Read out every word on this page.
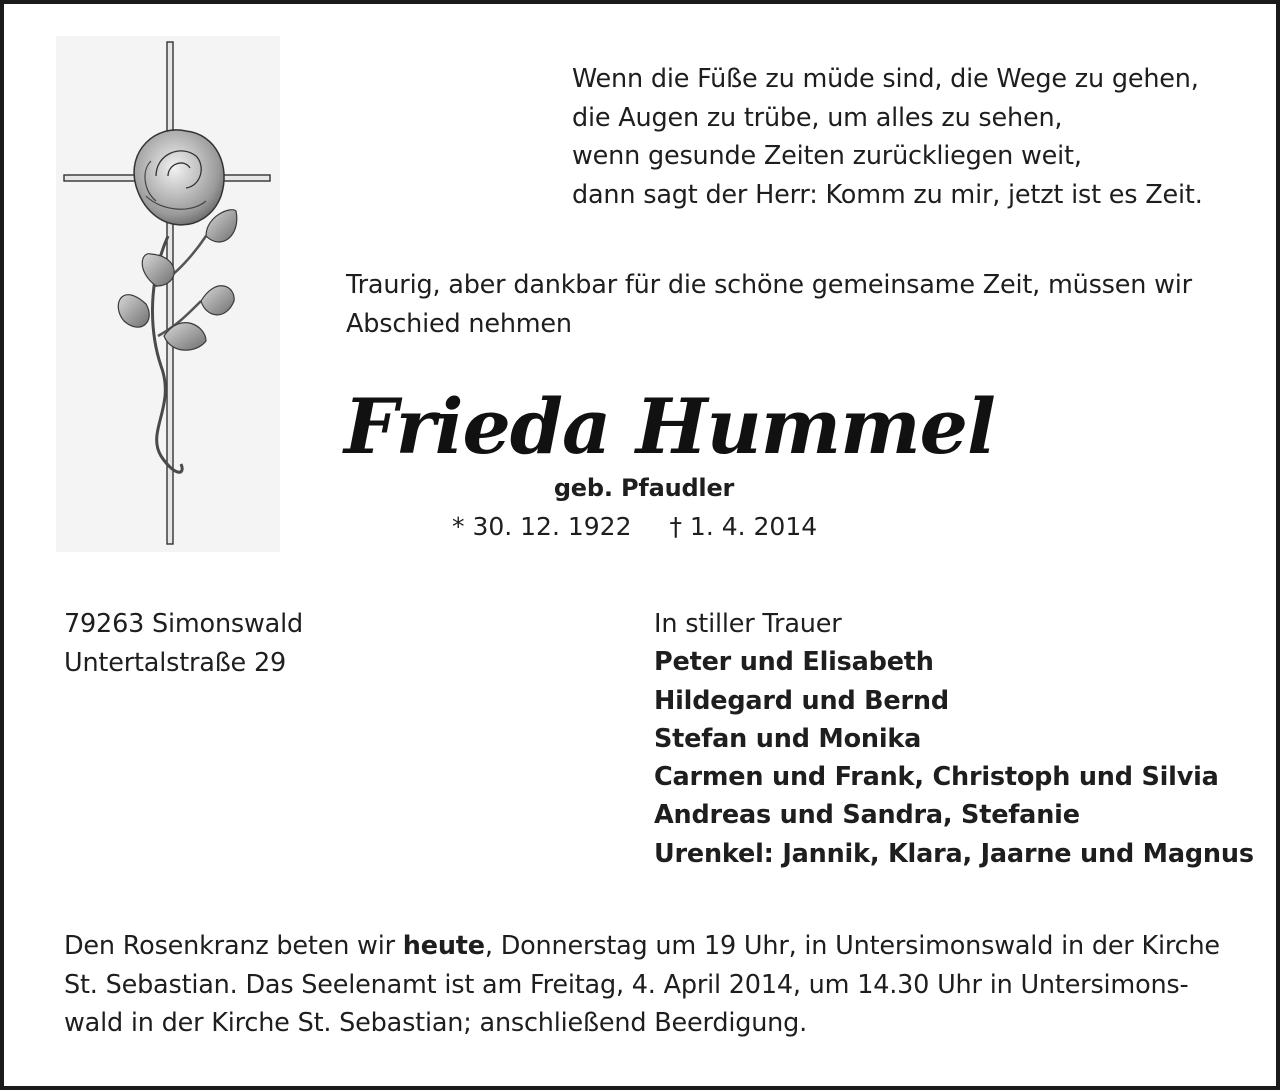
Wenn die Füße zu müde sind, die Wege zu gehen,
die Augen zu trübe, um alles zu sehen,
wenn gesunde Zeiten zurückliegen weit,
dann sagt der Herr: Komm zu mir, jetzt ist es Zeit.
Traurig, aber dankbar für die schöne gemeinsame Zeit, müssen wir
Abschied nehmen
Frieda Hummel
geb. Pfaudler
* 30. 12. 1922 † 1. 4. 2014
79263 Simonswald
Untertalstraße 29
In stiller Trauer
Peter und Elisabeth
Hildegard und Bernd
Stefan und Monika
Carmen und Frank, Christoph und Silvia
Andreas und Sandra, Stefanie
Urenkel: Jannik, Klara, Jaarne und Magnus
Den Rosenkranz beten wir heute, Donnerstag um 19 Uhr, in Untersimonswald in der Kirche
St. Sebastian. Das Seelenamt ist am Freitag, 4. April 2014, um 14.30 Uhr in Untersimons-
wald in der Kirche St. Sebastian; anschließend Beerdigung.
